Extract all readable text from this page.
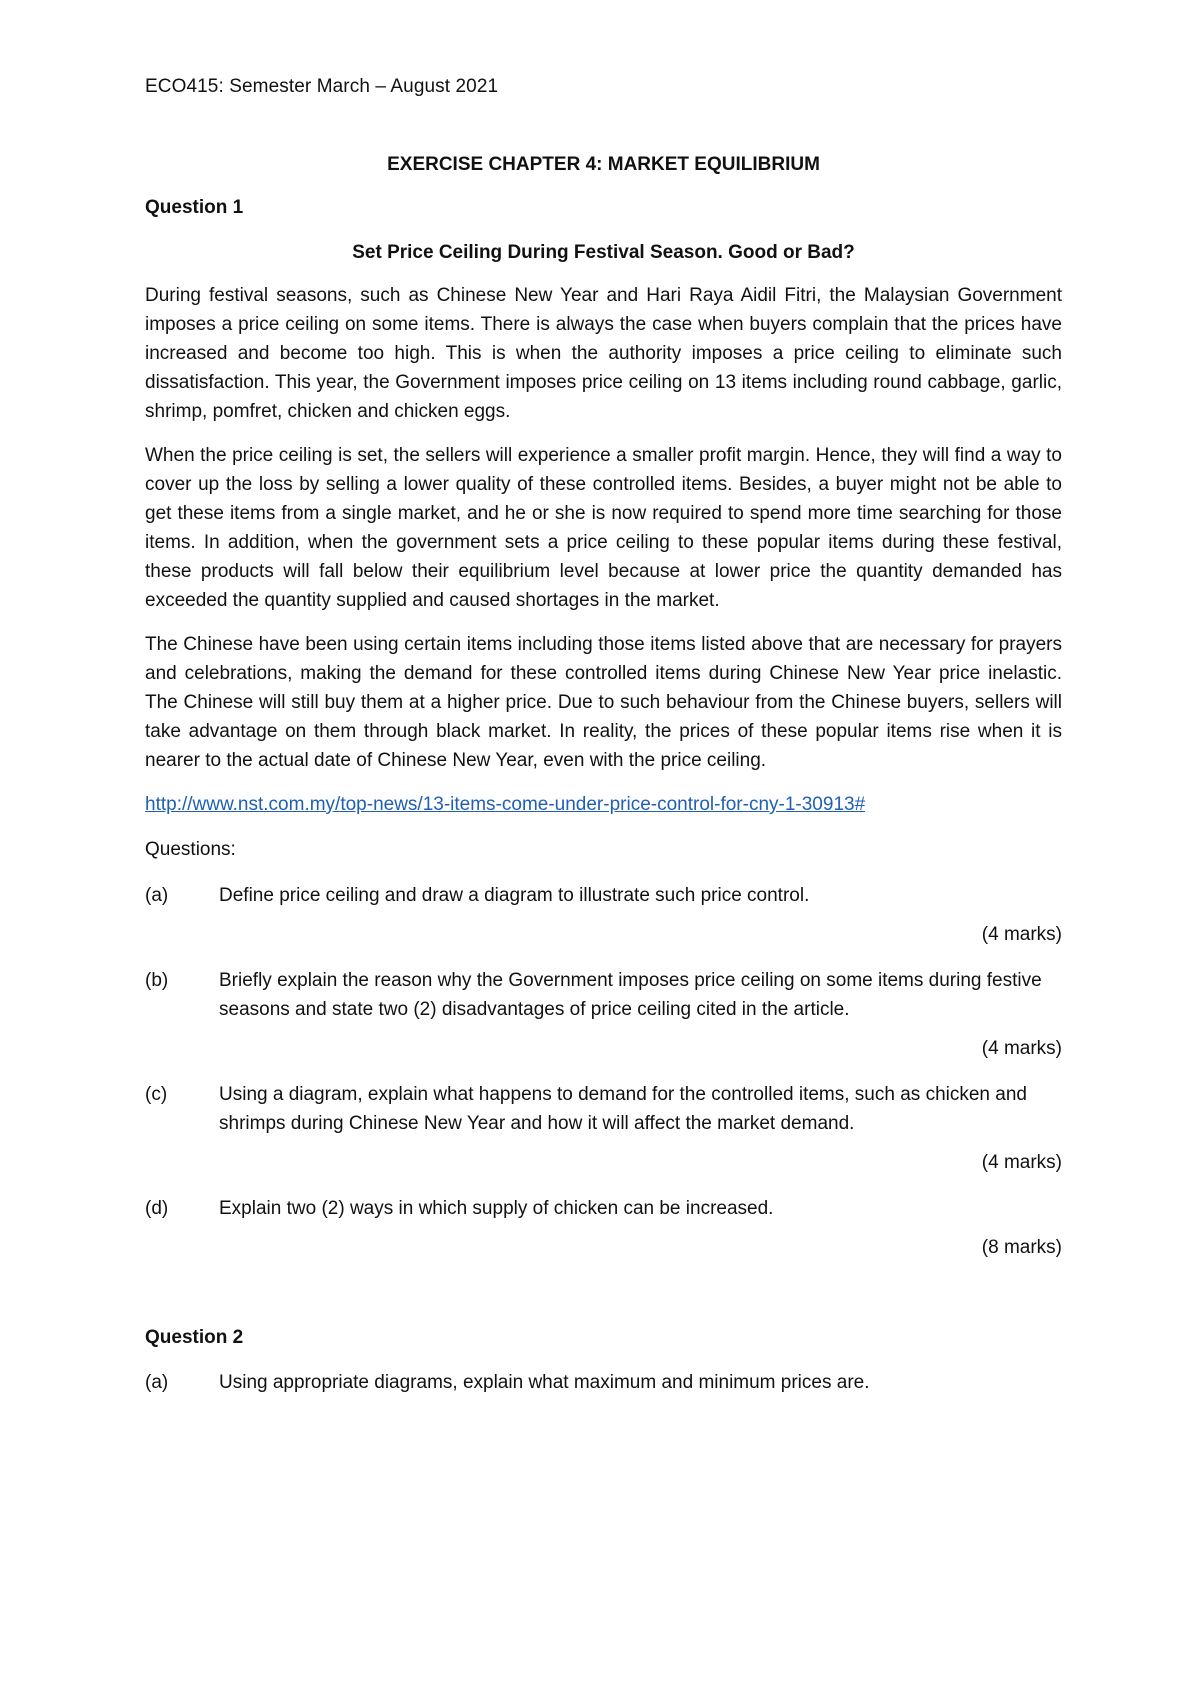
ECO415: Semester March – August 2021

EXERCISE CHAPTER 4: MARKET EQUILIBRIUM

Question 1

Set Price Ceiling During Festival Season. Good or Bad?

During festival seasons, such as Chinese New Year and Hari Raya Aidil Fitri, the Malaysian Government imposes a price ceiling on some items. There is always the case when buyers complain that the prices have increased and become too high. This is when the authority imposes a price ceiling to eliminate such dissatisfaction. This year, the Government imposes price ceiling on 13 items including round cabbage, garlic, shrimp, pomfret, chicken and chicken eggs.

When the price ceiling is set, the sellers will experience a smaller profit margin. Hence, they will find a way to cover up the loss by selling a lower quality of these controlled items. Besides, a buyer might not be able to get these items from a single market, and he or she is now required to spend more time searching for those items. In addition, when the government sets a price ceiling to these popular items during these festival, these products will fall below their equilibrium level because at lower price the quantity demanded has exceeded the quantity supplied and caused shortages in the market.

The Chinese have been using certain items including those items listed above that are necessary for prayers and celebrations, making the demand for these controlled items during Chinese New Year price inelastic. The Chinese will still buy them at a higher price. Due to such behaviour from the Chinese buyers, sellers will take advantage on them through black market. In reality, the prices of these popular items rise when it is nearer to the actual date of Chinese New Year, even with the price ceiling.

http://www.nst.com.my/top-news/13-items-come-under-price-control-for-cny-1-30913#

Questions:

(a)	Define price ceiling and draw a diagram to illustrate such price control.

(4 marks)

(b)	Briefly explain the reason why the Government imposes price ceiling on some items during festive seasons and state two (2) disadvantages of price ceiling cited in the article.

(4 marks)

(c)	Using a diagram, explain what happens to demand for the controlled items, such as chicken and shrimps during Chinese New Year and how it will affect the market demand.

(4 marks)

(d)	Explain two (2) ways in which supply of chicken can be increased.

(8 marks)

Question 2

(a)	Using appropriate diagrams, explain what maximum and minimum prices are.
